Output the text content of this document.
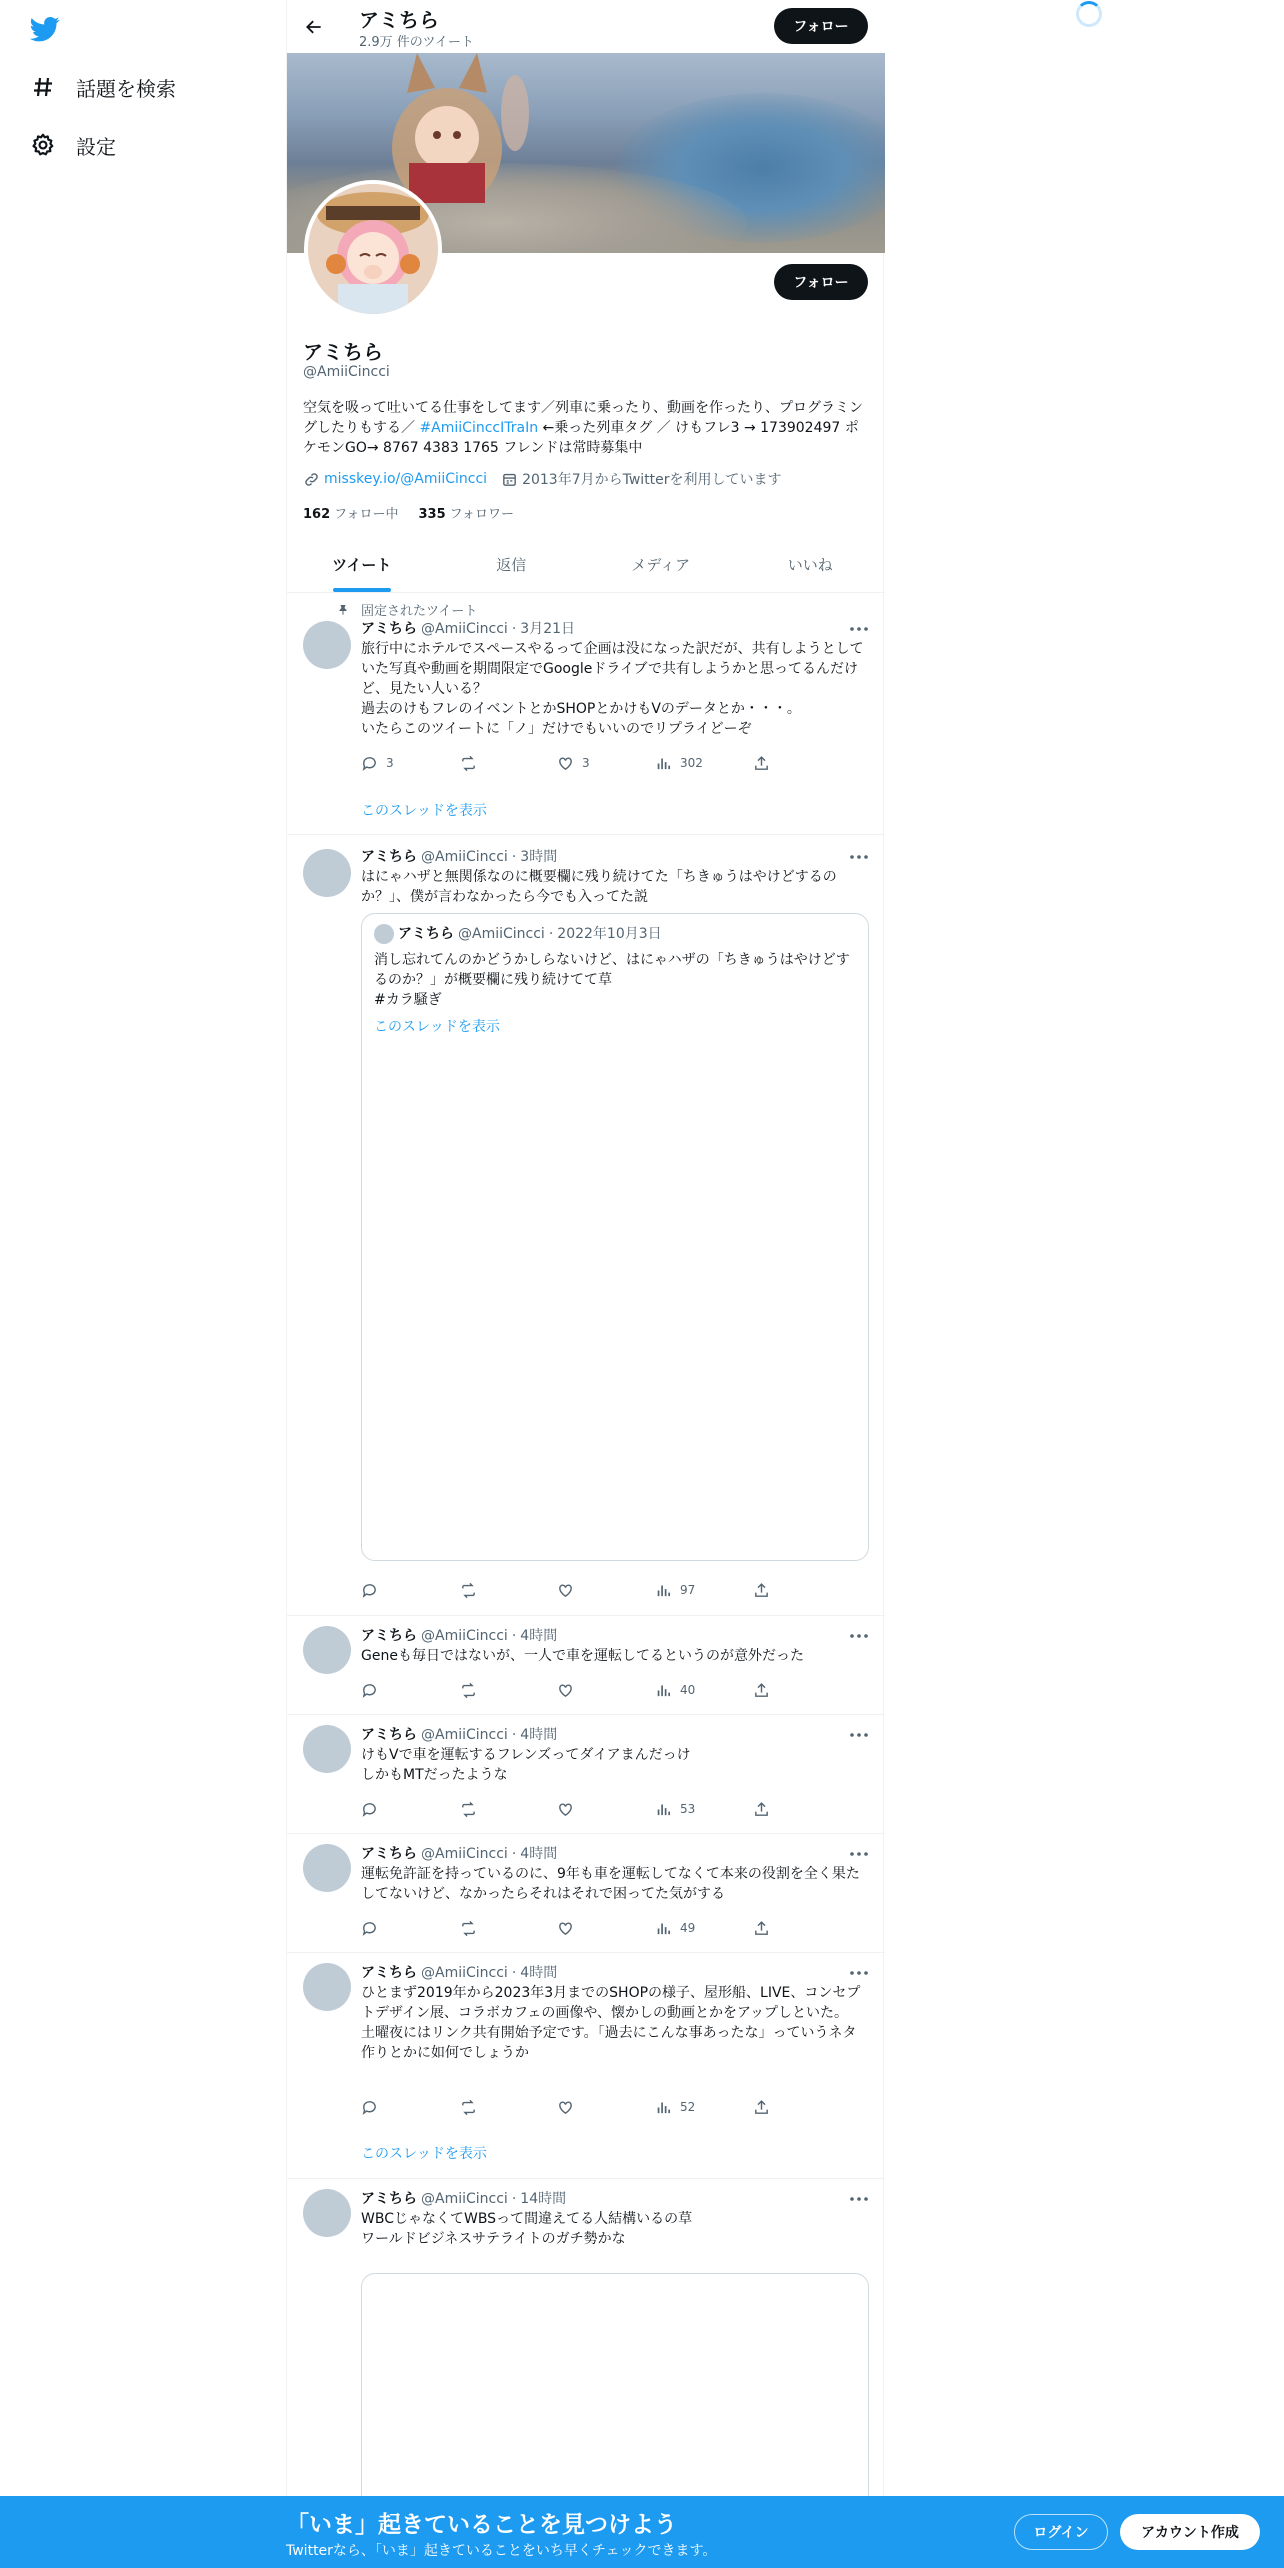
話題を検索
設定
アミちら
2.9万 件のツイート
フォロー
フォロー
アミちら
@AmiiCincci
空気を吸って吐いてる仕事をしてます／列車に乗ったり、動画を作ったり、プログラミングしたりもする／ #AmiiCinccITraIn ←乗った列車タグ ／ けもフレ3 → 173902497 ポケモンGO→ 8767 4383 1765 フレンドは常時募集中
misskey.io/@AmiiCincci	2013年7月からTwitterを利用しています
162 フォロー中 335 フォロワー
ツイート	返信	メディア	いいね
固定されたツイート
アミちら @AmiiCincci · 3月21日
旅行中にホテルでスペースやるって企画は没になった訳だが、共有しようとしていた写真や動画を期間限定でGoogleドライブで共有しようかと思ってるんだけど、見たい人いる？
過去のけもフレのイベントとかSHOPとかけもVのデータとか・・・。
いたらこのツイートに「ノ」だけでもいいのでリプライどーぞ
3	3	302
このスレッドを表示
アミちら @AmiiCincci · 3時間
はにゃハザと無関係なのに概要欄に残り続けてた「ちきゅうはやけどするのか？」、僕が言わなかったら今でも入ってた説
アミちら @AmiiCincci · 2022年10月3日
消し忘れてんのかどうかしらないけど、はにゃハザの「ちきゅうはやけどするのか？」が概要欄に残り続けてて草
#カラ騒ぎ
このスレッドを表示
97
アミちら @AmiiCincci · 4時間
Geneも毎日ではないが、一人で車を運転してるというのが意外だった
40
アミちら @AmiiCincci · 4時間
けもVで車を運転するフレンズってダイアまんだっけ
しかもMTだったような
53
アミちら @AmiiCincci · 4時間
運転免許証を持っているのに、9年も車を運転してなくて本来の役割を全く果たしてないけど、なかったらそれはそれで困ってた気がする
49
アミちら @AmiiCincci · 4時間
ひとまず2019年から2023年3月までのSHOPの様子、屋形船、LIVE、コンセプトデザイン展、コラボカフェの画像や、懐かしの動画とかをアップしといた。
土曜夜にはリンク共有開始予定です。「過去にこんな事あったな」っていうネタ作りとかに如何でしょうか
52
このスレッドを表示
アミちら @AmiiCincci · 14時間
WBCじゃなくてWBSって間違えてる人結構いるの草
ワールドビジネスサテライトのガチ勢かな
「いま」起きていることを見つけよう
Twitterなら、「いま」起きていることをいち早くチェックできます。
ログイン	アカウント作成
